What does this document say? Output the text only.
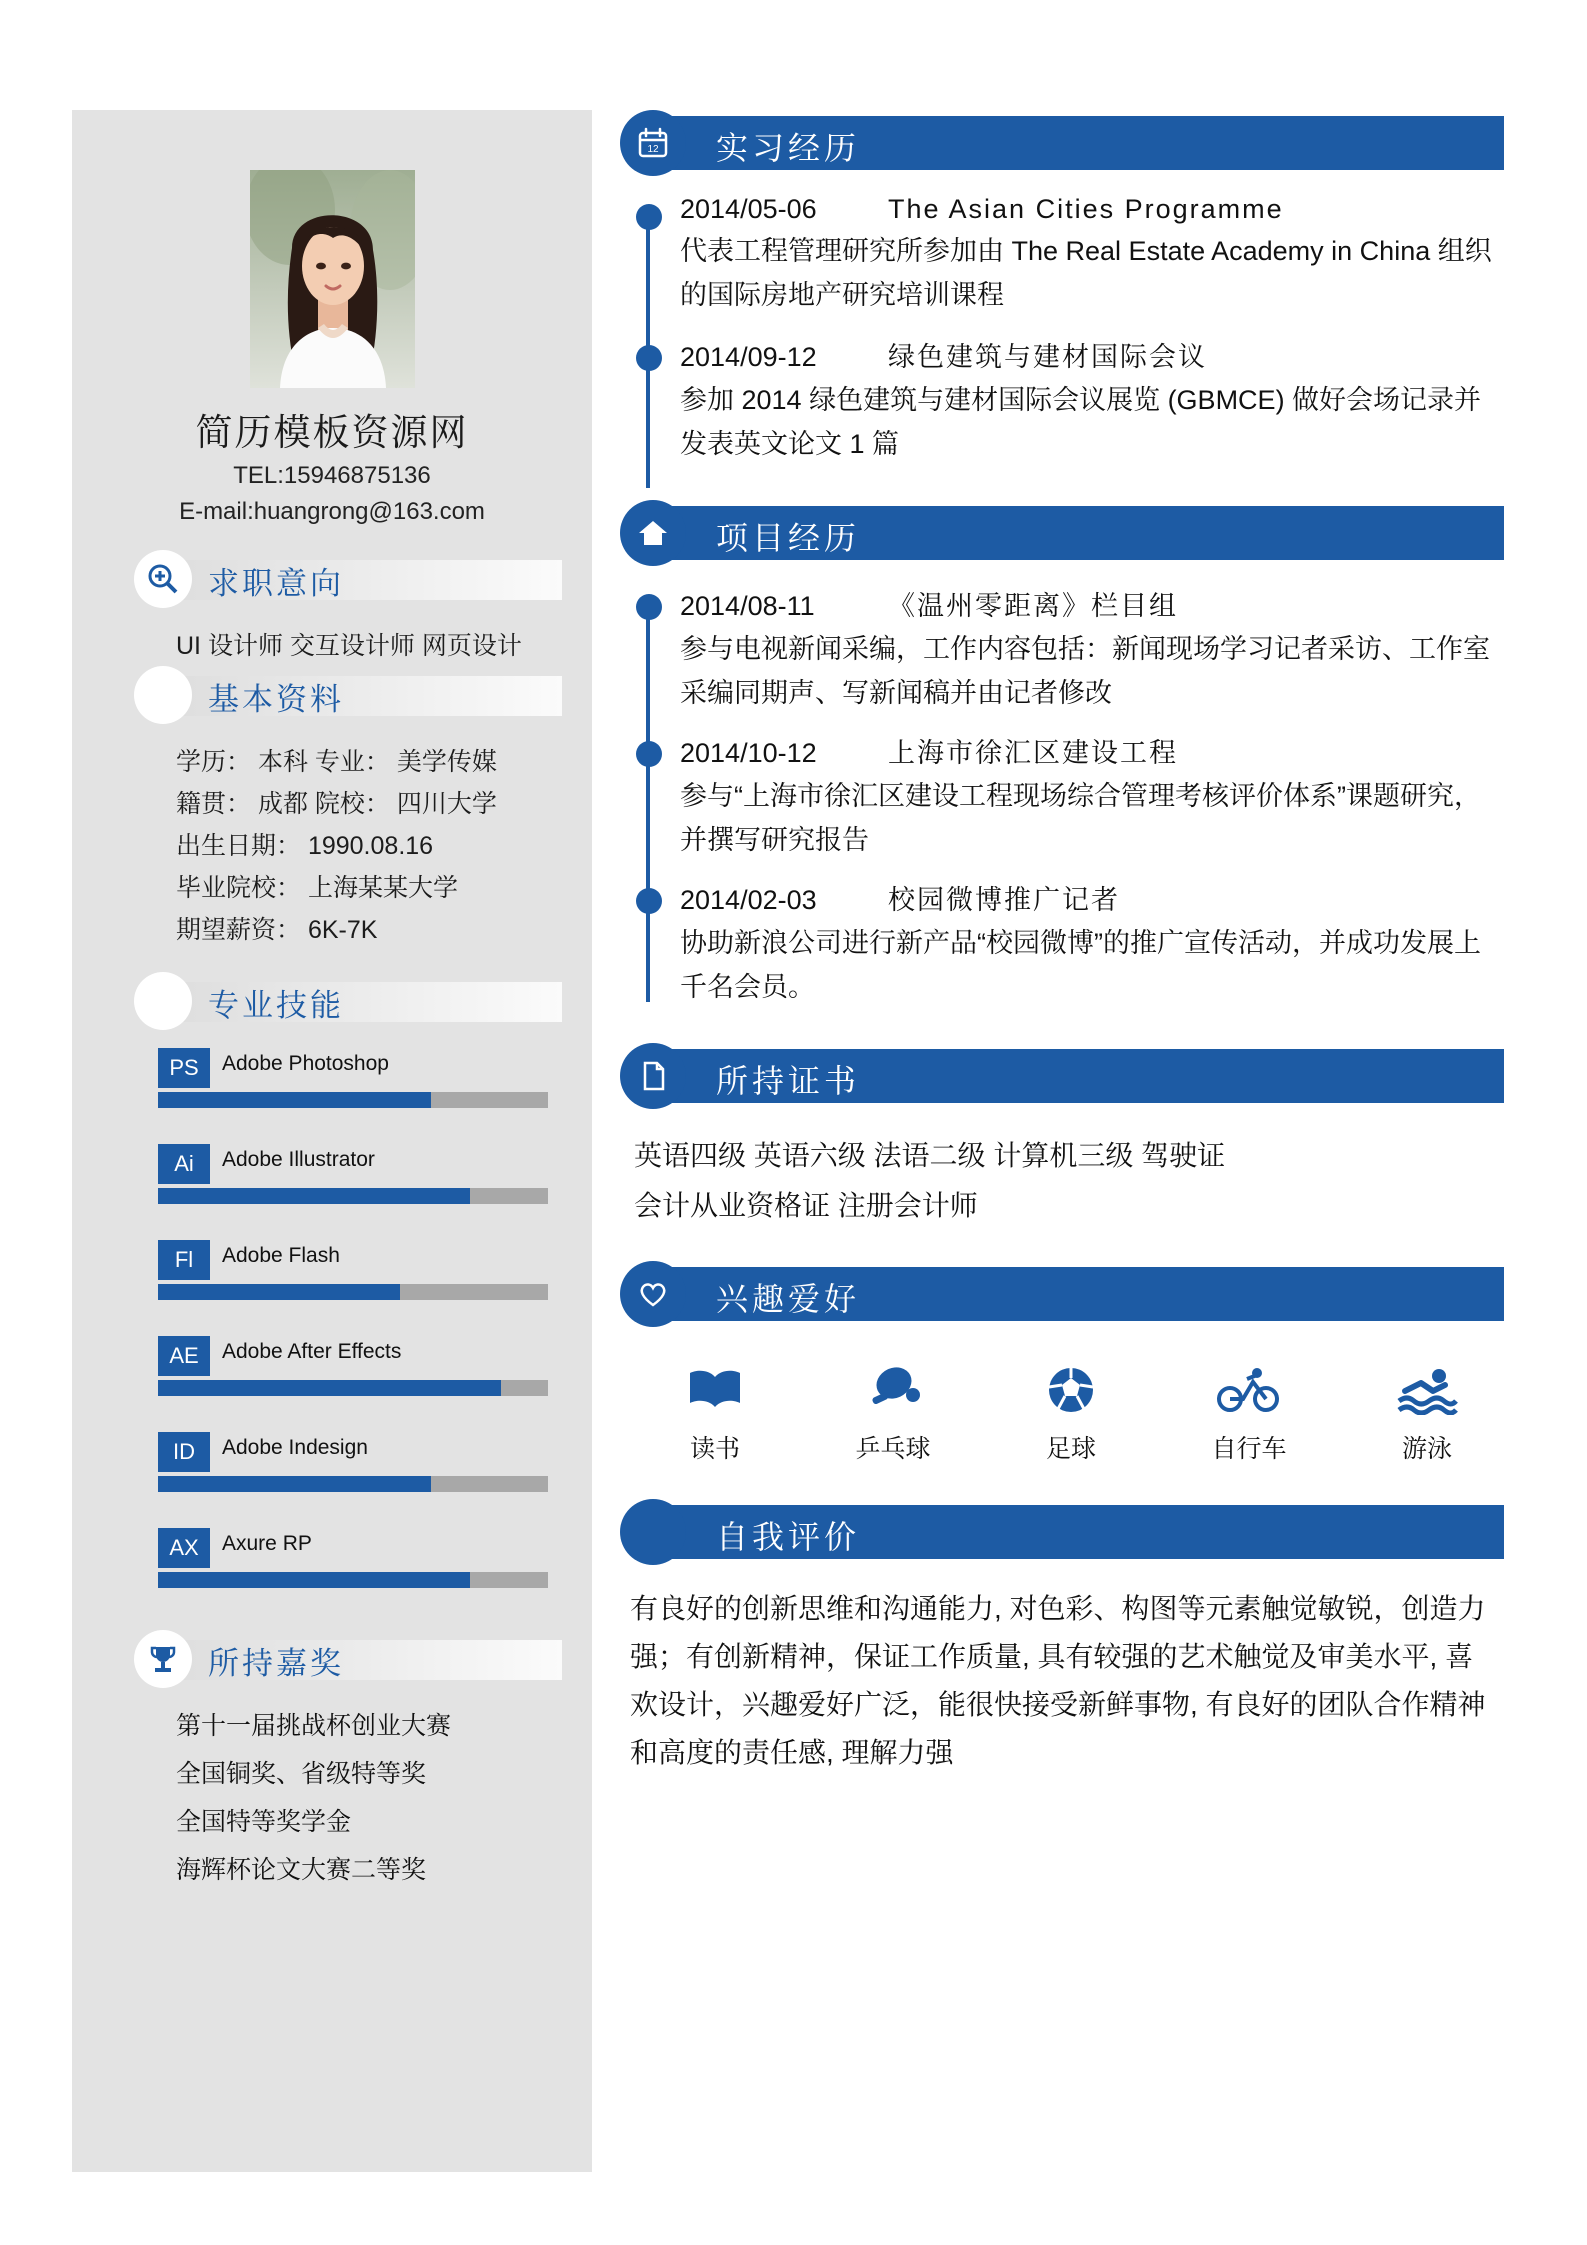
简历模板资源网
TEL:15946875136
E-mail:huangrong@163.com
求职意向
UI 设计师 交互设计师 网页设计
基本资料
学历： 本科 专业： 美学传媒
籍贯： 成都 院校： 四川大学
出生日期： 1990.08.16
毕业院校： 上海某某大学
期望薪资： 6K-7K
专业技能
PS	Adobe Photoshop
Ai	Adobe Illustrator
Fl	Adobe Flash
AE	Adobe After Effects
ID	Adobe Indesign
AX	Axure RP
所持嘉奖
第十一届挑战杯创业大赛
全国铜奖、省级特等奖
全国特等奖学金
海辉杯论文大赛二等奖
12 实习经历
2014/05-06	The Asian Cities Programme
代表工程管理研究所参加由 The Real Estate Academy in China 组织的国际房地产研究培训课程
2014/09-12	绿色建筑与建材国际会议
参加 2014 绿色建筑与建材国际会议展览 (GBMCE) 做好会场记录并发表英文论文 1 篇
项目经历
2014/08-11	《温州零距离》栏目组
参与电视新闻采编，工作内容包括：新闻现场学习记者采访、工作室采编同期声、写新闻稿并由记者修改
2014/10-12	上海市徐汇区建设工程
参与“上海市徐汇区建设工程现场综合管理考核评价体系”课题研究，并撰写研究报告
2014/02-03	校园微博推广记者
协助新浪公司进行新产品“校园微博”的推广宣传活动，并成功发展上千名会员。
所持证书
英语四级 英语六级 法语二级 计算机三级 驾驶证
会计从业资格证 注册会计师
兴趣爱好
读书	乒乓球	足球	自行车	游泳
自我评价
有良好的创新思维和沟通能力, 对色彩、构图等元素触觉敏锐，创造力强；有创新精神，保证工作质量, 具有较强的艺术触觉及审美水平, 喜欢设计，兴趣爱好广泛，能很快接受新鲜事物, 有良好的团队合作精神和高度的责任感, 理解力强
